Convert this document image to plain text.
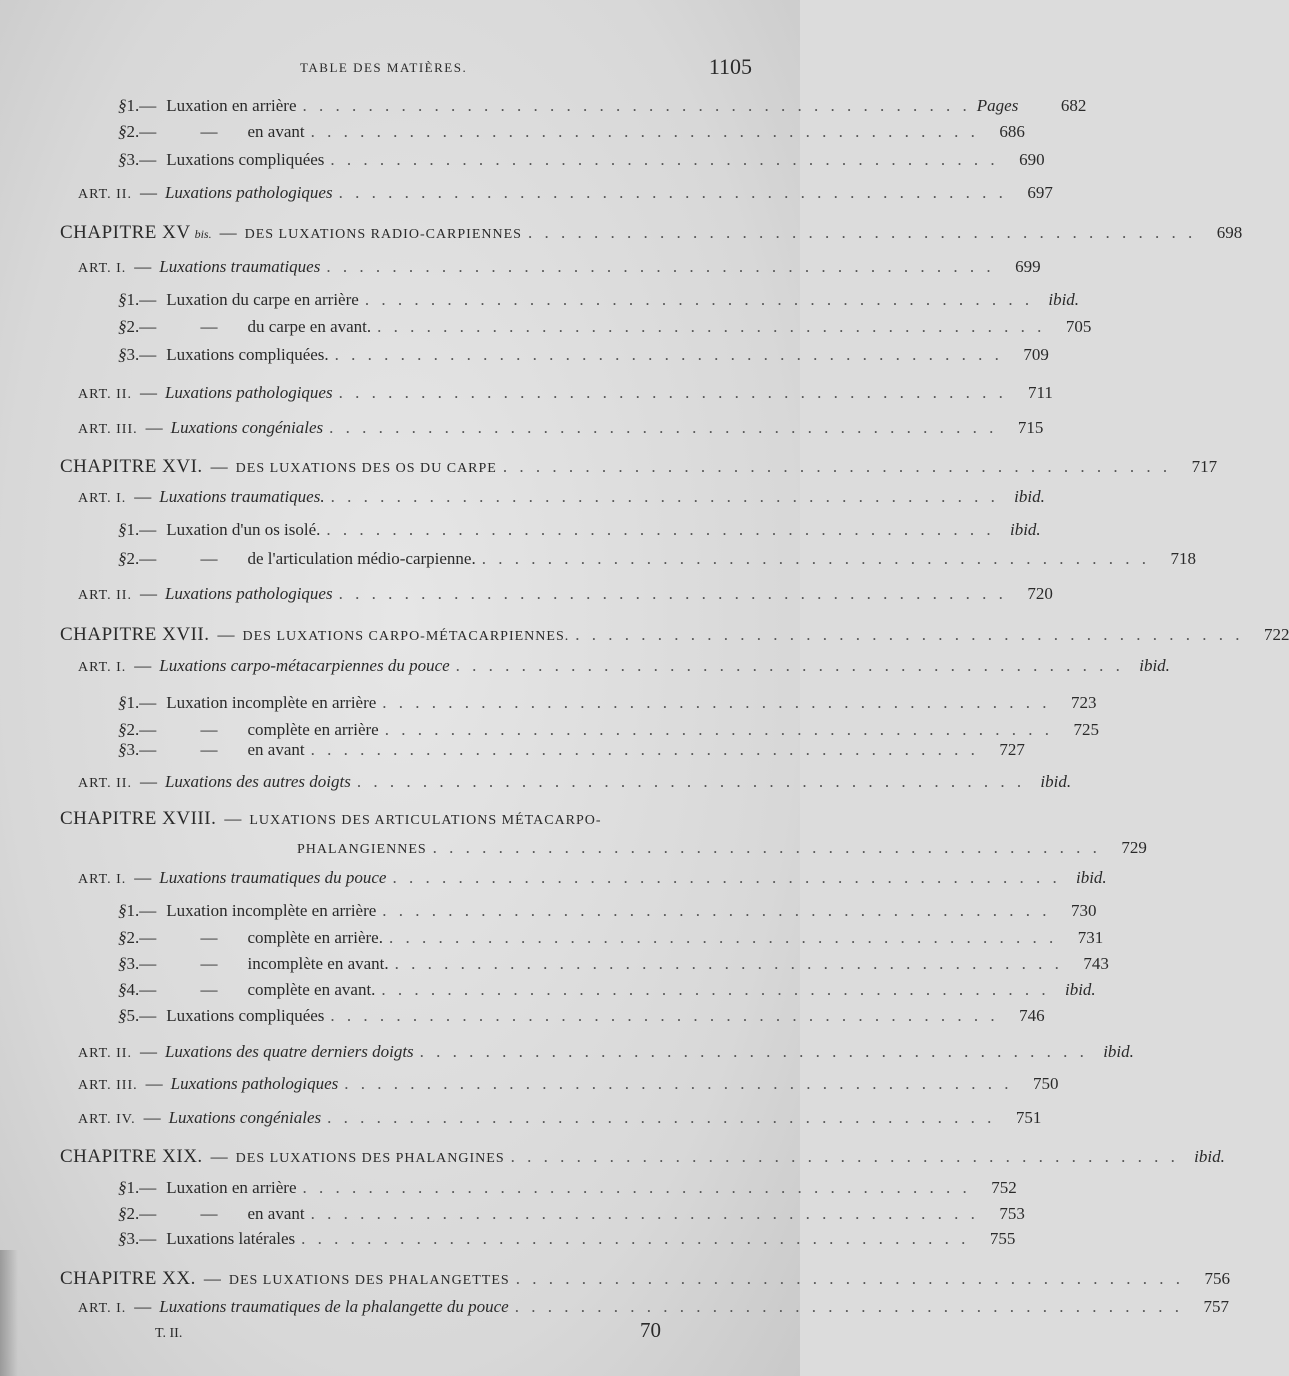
TABLE DES MATIÈRES.	1105
§ 1. — Luxation en arrière . . . . . . . . . . . . . . . . . . . . . . . . . . . . . . . . . . . . . . . . . Pages	682
§ 2. — — en avant . . . . . . . . . . . . . . . . . . . . . . . . . . . . . . . . . . . . . . . . .	686
§ 3. — Luxations compliquées . . . . . . . . . . . . . . . . . . . . . . . . . . . . . . . . . . . . . . . . .	690
ART. II. — Luxations pathologiques . . . . . . . . . . . . . . . . . . . . . . . . . . . . . . . . . . . . . . . . .	697
CHAPITRE XV bis. — DES LUXATIONS RADIO-CARPIENNES . . . . . . . . . . . . . . . . . . . . . . . . . . . . . . . . . . . . . . . . .	698
ART. I. — Luxations traumatiques . . . . . . . . . . . . . . . . . . . . . . . . . . . . . . . . . . . . . . . . .	699
§ 1. — Luxation du carpe en arrière . . . . . . . . . . . . . . . . . . . . . . . . . . . . . . . . . . . . . . . . . ibid.
§ 2. — — du carpe en avant. . . . . . . . . . . . . . . . . . . . . . . . . . . . . . . . . . . . . . . . . .	705
§ 3. — Luxations compliquées. . . . . . . . . . . . . . . . . . . . . . . . . . . . . . . . . . . . . . . . . .	709
ART. II. — Luxations pathologiques . . . . . . . . . . . . . . . . . . . . . . . . . . . . . . . . . . . . . . . . .	711
ART. III. — Luxations congéniales . . . . . . . . . . . . . . . . . . . . . . . . . . . . . . . . . . . . . . . . .	715
CHAPITRE XVI. — DES LUXATIONS DES OS DU CARPE . . . . . . . . . . . . . . . . . . . . . . . . . . . . . . . . . . . . . . . . .	717
ART. I. — Luxations traumatiques. . . . . . . . . . . . . . . . . . . . . . . . . . . . . . . . . . . . . . . . . . ibid.
§ 1. — Luxation d'un os isolé. . . . . . . . . . . . . . . . . . . . . . . . . . . . . . . . . . . . . . . . . . ibid.
§ 2. — — de l'articulation médio-carpienne. . . . . . . . . . . . . . . . . . . . . . . . . . . . . . . . . . . . . . . . . .	718
ART. II. — Luxations pathologiques . . . . . . . . . . . . . . . . . . . . . . . . . . . . . . . . . . . . . . . . .	720
CHAPITRE XVII. — DES LUXATIONS CARPO-MÉTACARPIENNES. . . . . . . . . . . . . . . . . . . . . . . . . . . . . . . . . . . . . . . . . .	722
ART. I. — Luxations carpo-métacarpiennes du pouce . . . . . . . . . . . . . . . . . . . . . . . . . . . . . . . . . . . . . . . . . ibid.
§ 1. — Luxation incomplète en arrière . . . . . . . . . . . . . . . . . . . . . . . . . . . . . . . . . . . . . . . . .	723
§ 2. — — complète en arrière . . . . . . . . . . . . . . . . . . . . . . . . . . . . . . . . . . . . . . . . .	725
§ 3. — — en avant . . . . . . . . . . . . . . . . . . . . . . . . . . . . . . . . . . . . . . . . .	727
ART. II. — Luxations des autres doigts . . . . . . . . . . . . . . . . . . . . . . . . . . . . . . . . . . . . . . . . . ibid.
CHAPITRE XVIII. — LUXATIONS DES ARTICULATIONS MÉTACARPO-
PHALANGIENNES . . . . . . . . . . . . . . . . . . . . . . . . . . . . . . . . . . . . . . . . .	729
ART. I. — Luxations traumatiques du pouce . . . . . . . . . . . . . . . . . . . . . . . . . . . . . . . . . . . . . . . . . ibid.
§ 1. — Luxation incomplète en arrière . . . . . . . . . . . . . . . . . . . . . . . . . . . . . . . . . . . . . . . . .	730
§ 2. — — complète en arrière. . . . . . . . . . . . . . . . . . . . . . . . . . . . . . . . . . . . . . . . . .	731
§ 3. — — incomplète en avant. . . . . . . . . . . . . . . . . . . . . . . . . . . . . . . . . . . . . . . . . .	743
§ 4. — — complète en avant. . . . . . . . . . . . . . . . . . . . . . . . . . . . . . . . . . . . . . . . . . ibid.
§ 5. — Luxations compliquées . . . . . . . . . . . . . . . . . . . . . . . . . . . . . . . . . . . . . . . . .	746
ART. II. — Luxations des quatre derniers doigts . . . . . . . . . . . . . . . . . . . . . . . . . . . . . . . . . . . . . . . . . ibid.
ART. III. — Luxations pathologiques . . . . . . . . . . . . . . . . . . . . . . . . . . . . . . . . . . . . . . . . .	750
ART. IV. — Luxations congéniales . . . . . . . . . . . . . . . . . . . . . . . . . . . . . . . . . . . . . . . . .	751
CHAPITRE XIX. — DES LUXATIONS DES PHALANGINES . . . . . . . . . . . . . . . . . . . . . . . . . . . . . . . . . . . . . . . . . ibid.
§ 1. — Luxation en arrière . . . . . . . . . . . . . . . . . . . . . . . . . . . . . . . . . . . . . . . . .	752
§ 2. — — en avant . . . . . . . . . . . . . . . . . . . . . . . . . . . . . . . . . . . . . . . . .	753
§ 3. — Luxations latérales . . . . . . . . . . . . . . . . . . . . . . . . . . . . . . . . . . . . . . . . .	755
CHAPITRE XX. — DES LUXATIONS DES PHALANGETTES . . . . . . . . . . . . . . . . . . . . . . . . . . . . . . . . . . . . . . . . .	756
ART. I. — Luxations traumatiques de la phalangette du pouce . . . . . . . . . . . . . . . . . . . . . . . . . . . . . . . . . . . . . . . . .	757
T. II.	70
